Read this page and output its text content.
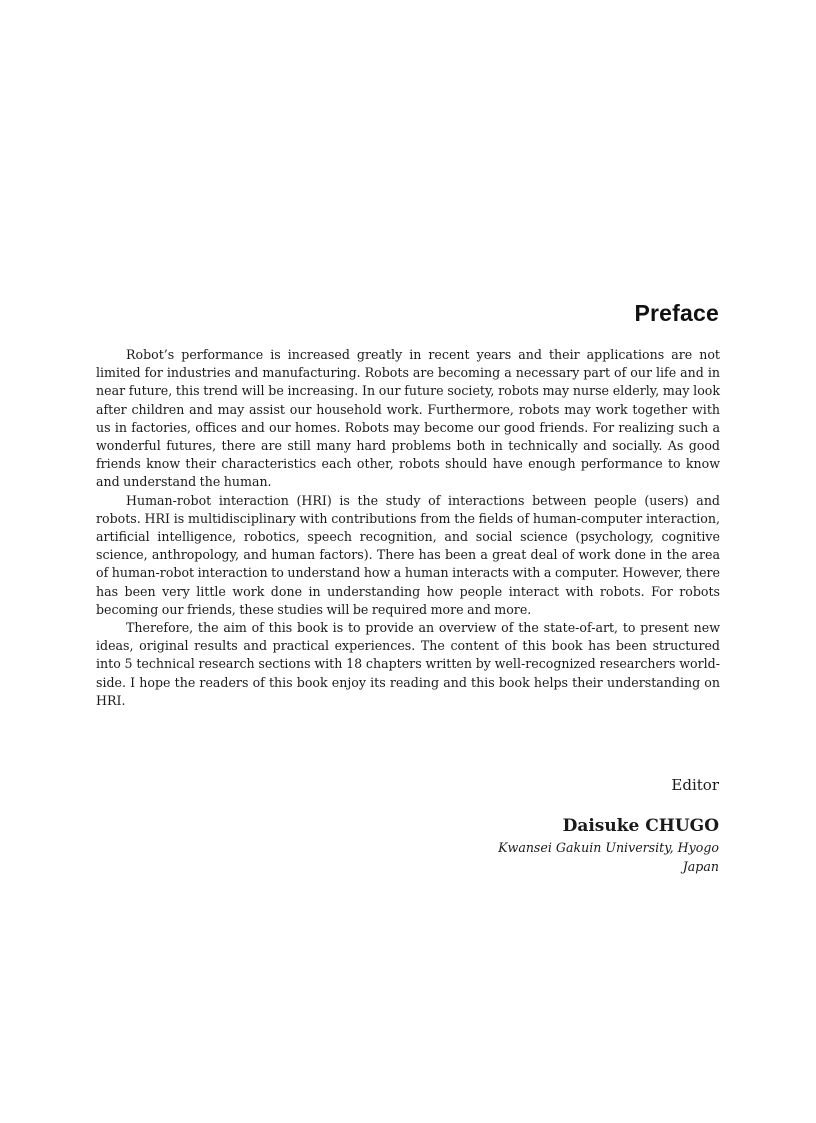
Preface

Robot’s performance is increased greatly in recent years and their applications are not limited for industries and manufacturing. Robots are becoming a necessary part of our life and in near future, this trend will be increasing. In our future society, robots may nurse elderly, may look after children and may assist our household work. Furthermore, robots may work together with us in factories, offices and our homes. Robots may become our good friends. For realizing such a wonderful futures, there are still many hard problems both in technically and socially. As good friends know their characteristics each other, robots should have enough performance to know and understand the human.

Human-robot interaction (HRI) is the study of interactions between people (users) and robots. HRI is multidisciplinary with contributions from the fields of human-computer interaction, artificial intelligence, robotics, speech recognition, and social science (psychology, cognitive science, anthropology, and human factors). There has been a great deal of work done in the area of human-robot interaction to understand how a human interacts with a computer. However, there has been very little work done in understanding how people interact with robots. For robots becoming our friends, these studies will be required more and more.

Therefore, the aim of this book is to provide an overview of the state-of-art, to present new ideas, original results and practical experiences. The content of this book has been structured into 5 technical research sections with 18 chapters written by well-recognized researchers world-side. I hope the readers of this book enjoy its reading and this book helps their understanding on HRI.

Editor
Daisuke CHUGO
Kwansei Gakuin University, Hyogo
Japan
